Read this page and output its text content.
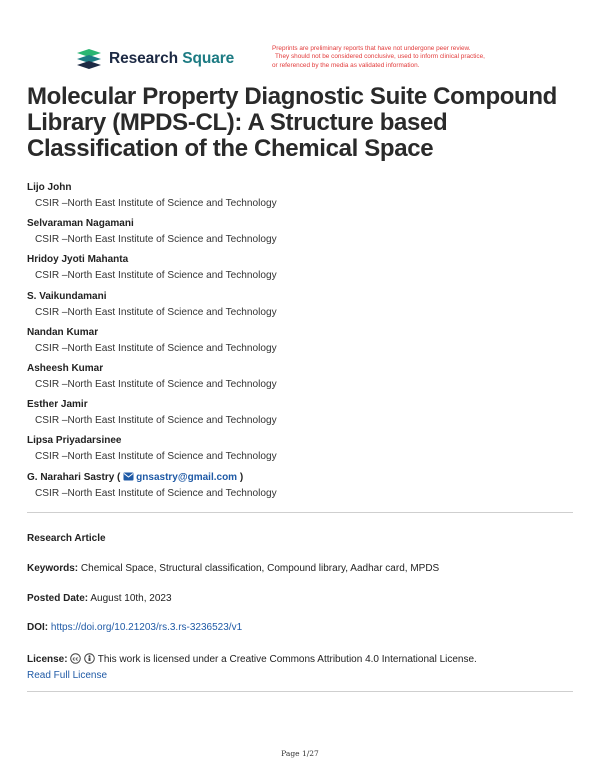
Research Square
Preprints are preliminary reports that have not undergone peer review.
They should not be considered conclusive, used to inform clinical practice,
or referenced by the media as validated information.
Molecular Property Diagnostic Suite Compound Library (MPDS-CL): A Structure based Classification of the Chemical Space
Lijo John
CSIR –North East Institute of Science and Technology
Selvaraman Nagamani
CSIR –North East Institute of Science and Technology
Hridoy Jyoti Mahanta
CSIR –North East Institute of Science and Technology
S. Vaikundamani
CSIR –North East Institute of Science and Technology
Nandan Kumar
CSIR –North East Institute of Science and Technology
Asheesh Kumar
CSIR –North East Institute of Science and Technology
Esther Jamir
CSIR –North East Institute of Science and Technology
Lipsa Priyadarsinee
CSIR –North East Institute of Science and Technology
G. Narahari Sastry ( gnsastry@gmail.com )
CSIR –North East Institute of Science and Technology
Research Article
Keywords: Chemical Space, Structural classification, Compound library, Aadhar card, MPDS
Posted Date: August 10th, 2023
DOI: https://doi.org/10.21203/rs.3.rs-3236523/v1
License: cc This work is licensed under a Creative Commons Attribution 4.0 International License.
Read Full License
Page 1/27
